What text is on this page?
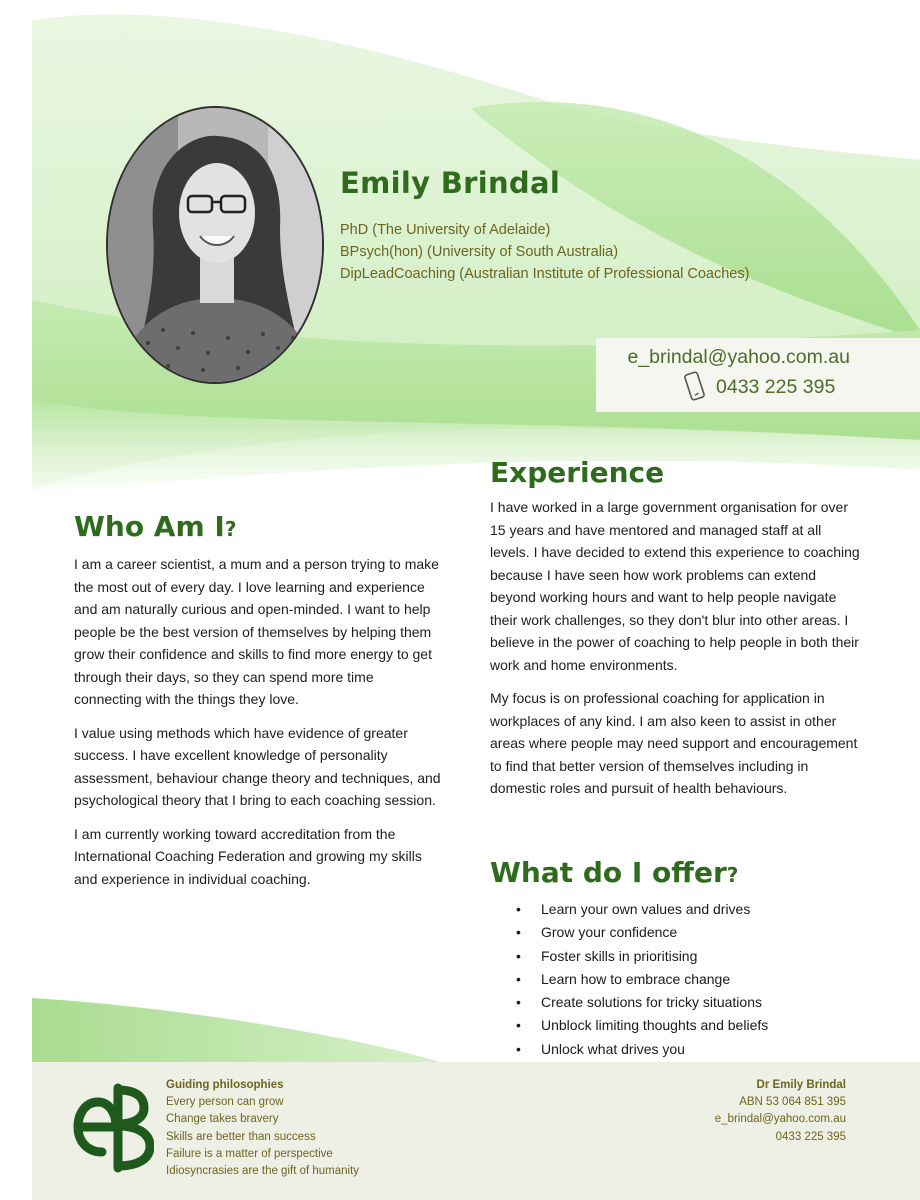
Emily Brindal
PhD (The University of Adelaide)
BPsych(hon) (University of South Australia)
DipLeadCoaching (Australian Institute of Professional Coaches)
e_brindal@yahoo.com.au
0433 225 395
Who Am I?

I am a career scientist, a mum and a person trying to make the most out of every day. I love learning and experience and am naturally curious and open-minded. I want to help people be the best version of themselves by helping them grow their confidence and skills to find more energy to get through their days, so they can spend more time connecting with the things they love.

I value using methods which have evidence of greater success. I have excellent knowledge of personality assessment, behaviour change theory and techniques, and psychological theory that I bring to each coaching session.

I am currently working toward accreditation from the International Coaching Federation and growing my skills and experience in individual coaching.

Experience

I have worked in a large government organisation for over 15 years and have mentored and managed staff at all levels. I have decided to extend this experience to coaching because I have seen how work problems can extend beyond working hours and want to help people navigate their work challenges, so they don't blur into other areas. I believe in the power of coaching to help people in both their work and home environments.

My focus is on professional coaching for application in workplaces of any kind. I am also keen to assist in other areas where people may need support and encouragement to find that better version of themselves including in domestic roles and pursuit of health behaviours.

What do I offer?
• Learn your own values and drives
• Grow your confidence
• Foster skills in prioritising
• Learn how to embrace change
• Create solutions for tricky situations
• Unblock limiting thoughts and beliefs
• Unlock what drives you
Guiding philosophies
Every person can grow
Change takes bravery
Skills are better than success
Failure is a matter of perspective
Idiosyncrasies are the gift of humanity
Dr Emily Brindal
ABN 53 064 851 395
e_brindal@yahoo.com.au
0433 225 395
